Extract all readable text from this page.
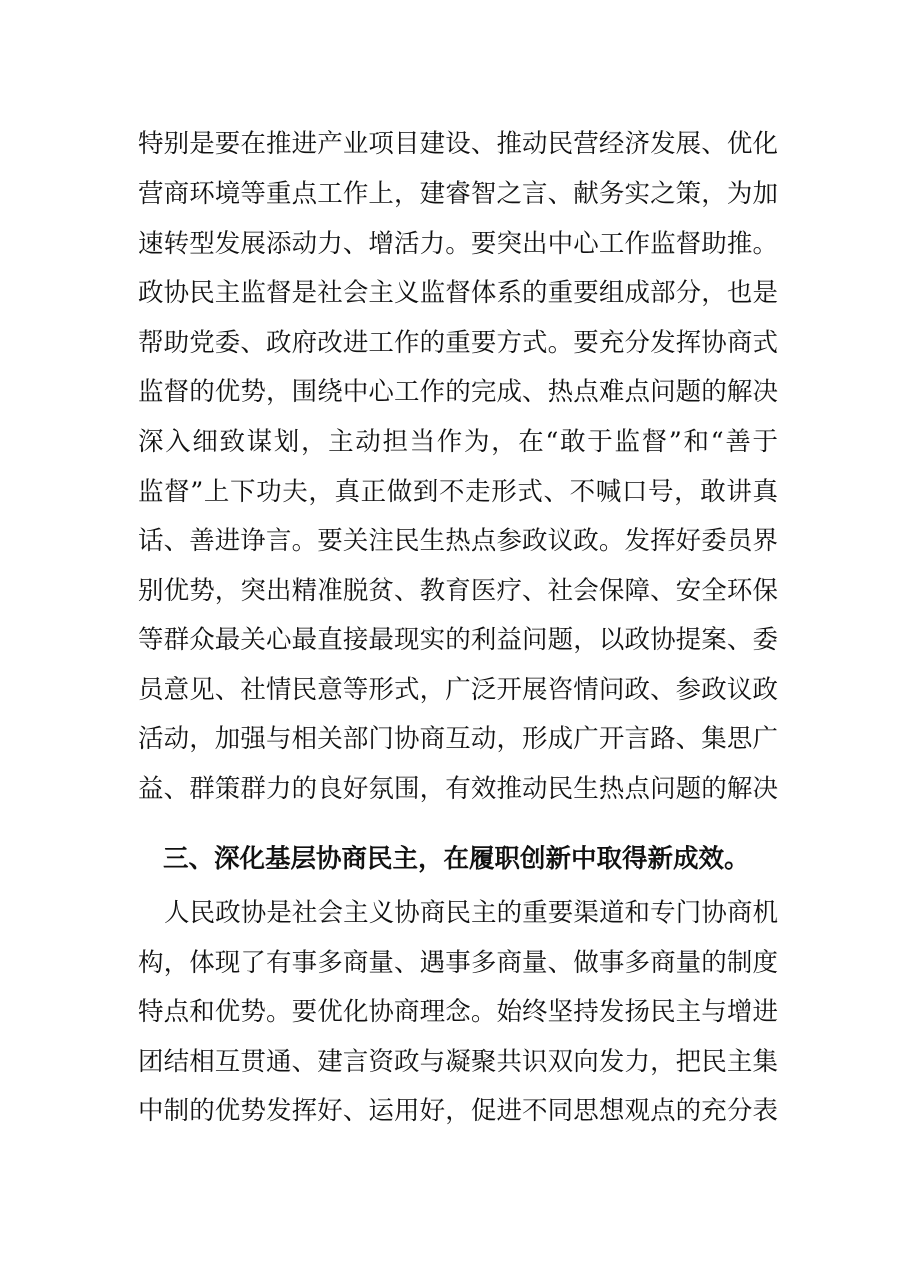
特别是要在推进产业项目建设、推动民营经济发展、优化
营商环境等重点工作上，建睿智之言、献务实之策，为加
速转型发展添动力、增活力。要突出中心工作监督助推。
政协民主监督是社会主义监督体系的重要组成部分，也是
帮助党委、政府改进工作的重要方式。要充分发挥协商式
监督的优势，围绕中心工作的完成、热点难点问题的解决
深入细致谋划，主动担当作为，在“敢于监督”和“善于
监督”上下功夫，真正做到不走形式、不喊口号，敢讲真
话、善进诤言。要关注民生热点参政议政。发挥好委员界
别优势，突出精准脱贫、教育医疗、社会保障、安全环保
等群众最关心最直接最现实的利益问题，以政协提案、委
员意见、社情民意等形式，广泛开展咨情问政、参政议政
活动，加强与相关部门协商互动，形成广开言路、集思广
益、群策群力的良好氛围，有效推动民生热点问题的解决
三、深化基层协商民主，在履职创新中取得新成效。
人民政协是社会主义协商民主的重要渠道和专门协商机
构，体现了有事多商量、遇事多商量、做事多商量的制度
特点和优势。要优化协商理念。始终坚持发扬民主与增进
团结相互贯通、建言资政与凝聚共识双向发力，把民主集
中制的优势发挥好、运用好，促进不同思想观点的充分表
